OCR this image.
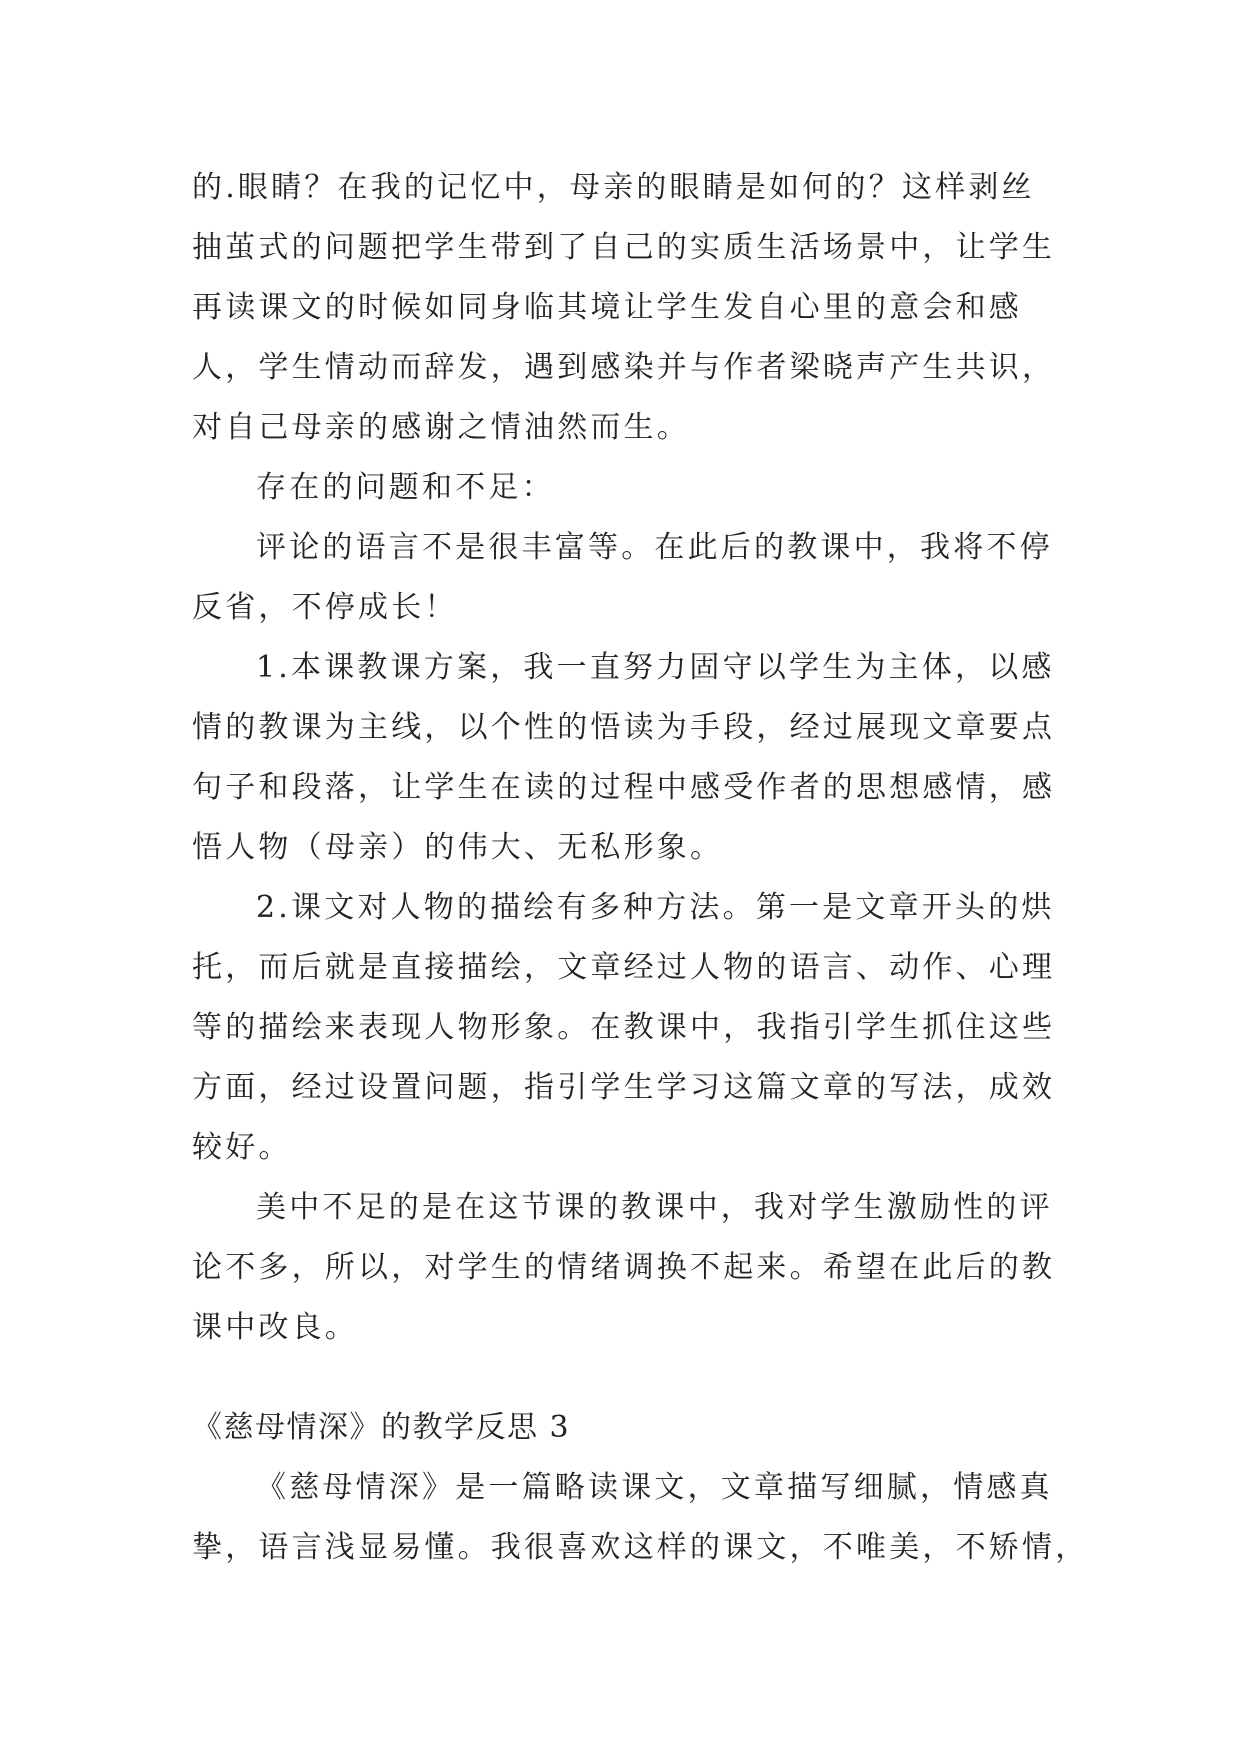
的.眼睛？在我的记忆中，母亲的眼睛是如何的？这样剥丝

抽茧式的问题把学生带到了自己的实质生活场景中，让学生

再读课文的时候如同身临其境让学生发自心里的意会和感

人，学生情动而辞发，遇到感染并与作者梁晓声产生共识，

对自己母亲的感谢之情油然而生。

存在的问题和不足：

评论的语言不是很丰富等。在此后的教课中，我将不停

反省，不停成长！

1.本课教课方案，我一直努力固守以学生为主体，以感

情的教课为主线，以个性的悟读为手段，经过展现文章要点

句子和段落，让学生在读的过程中感受作者的思想感情，感

悟人物（母亲）的伟大、无私形象。

2.课文对人物的描绘有多种方法。第一是文章开头的烘

托，而后就是直接描绘，文章经过人物的语言、动作、心理

等的描绘来表现人物形象。在教课中，我指引学生抓住这些

方面，经过设置问题，指引学生学习这篇文章的写法，成效

较好。

美中不足的是在这节课的教课中，我对学生激励性的评

论不多，所以，对学生的情绪调换不起来。希望在此后的教

课中改良。

《慈母情深》的教学反思 3

《慈母情深》是一篇略读课文，文章描写细腻，情感真

挚，语言浅显易懂。我很喜欢这样的课文，不唯美，不矫情，
